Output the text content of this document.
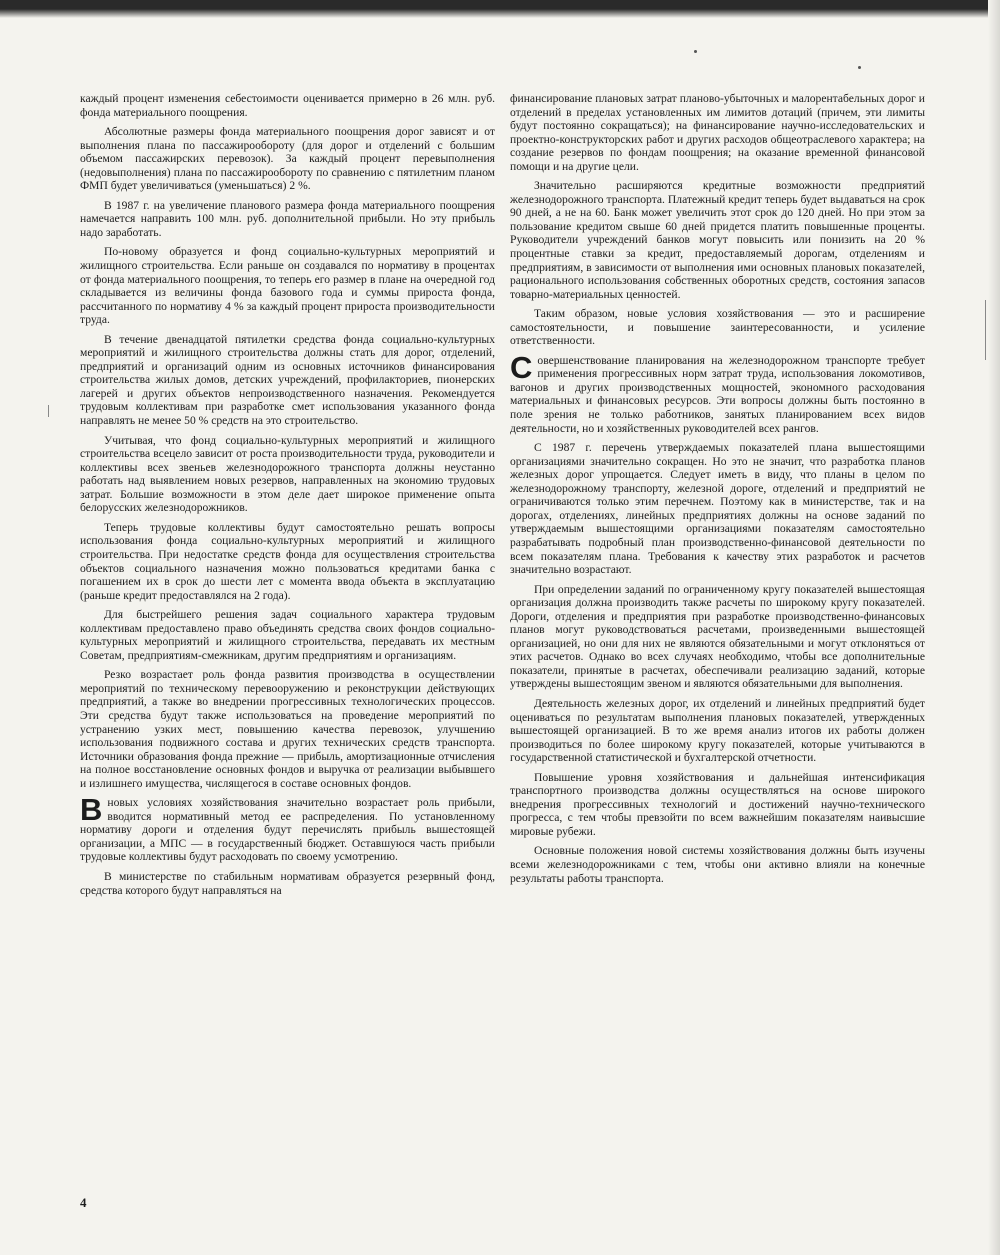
каждый процент изменения себестоимости оценивается примерно в 26 млн. руб. фонда материального поощрения.

Абсолютные размеры фонда материального поощрения дорог зависят и от выполнения плана по пассажирообороту (для дорог и отделений с большим объемом пассажирских перевозок). За каждый процент перевыполнения (недовыполнения) плана по пассажирообороту по сравнению с пятилетним планом ФМП будет увеличиваться (уменьшаться) 2 %.

В 1987 г. на увеличение планового размера фонда материального поощрения намечается направить 100 млн. руб. дополнительной прибыли. Но эту прибыль надо заработать.

По-новому образуется и фонд социально-культурных мероприятий и жилищного строительства. Если раньше он создавался по нормативу в процентах от фонда материального поощрения, то теперь его размер в плане на очередной год складывается из величины фонда базового года и суммы прироста фонда, рассчитанного по нормативу 4 % за каждый процент прироста производительности труда.

В течение двенадцатой пятилетки средства фонда социально-культурных мероприятий и жилищного строительства должны стать для дорог, отделений, предприятий и организаций одним из основных источников финансирования строительства жилых домов, детских учреждений, профилакториев, пионерских лагерей и других объектов непроизводственного назначения. Рекомендуется трудовым коллективам при разработке смет использования указанного фонда направлять не менее 50 % средств на это строительство.

Учитывая, что фонд социально-культурных мероприятий и жилищного строительства всецело зависит от роста производительности труда, руководители и коллективы всех звеньев железнодорожного транспорта должны неустанно работать над выявлением новых резервов, направленных на экономию трудовых затрат. Большие возможности в этом деле дает широкое применение опыта белорусских железнодорожников.

Теперь трудовые коллективы будут самостоятельно решать вопросы использования фонда социально-культурных мероприятий и жилищного строительства. При недостатке средств фонда для осуществления строительства объектов социального назначения можно пользоваться кредитами банка с погашением их в срок до шести лет с момента ввода объекта в эксплуатацию (раньше кредит предоставлялся на 2 года).

Для быстрейшего решения задач социального характера трудовым коллективам предоставлено право объединять средства своих фондов социально-культурных мероприятий и жилищного строительства, передавать их местным Советам, предприятиям-смежникам, другим предприятиям и организациям.

Резко возрастает роль фонда развития производства в осуществлении мероприятий по техническому перевооружению и реконструкции действующих предприятий, а также во внедрении прогрессивных технологических процессов. Эти средства будут также использоваться на проведение мероприятий по устранению узких мест, повышению качества перевозок, улучшению использования подвижного состава и других технических средств транспорта. Источники образования фонда прежние — прибыль, амортизационные отчисления на полное восстановление основных фондов и выручка от реализации выбывшего и излишнего имущества, числящегося в составе основных фондов.

В новых условиях хозяйствования значительно возрастает роль прибыли, вводится нормативный метод ее распределения. По установленному нормативу дороги и отделения будут перечислять прибыль вышестоящей организации, а МПС — в государственный бюджет. Оставшуюся часть прибыли трудовые коллективы будут расходовать по своему усмотрению.

В министерстве по стабильным нормативам образуется резервный фонд, средства которого будут направляться на

финансирование плановых затрат планово-убыточных и малорентабельных дорог и отделений в пределах установленных им лимитов дотаций (причем, эти лимиты будут постоянно сокращаться); на финансирование научно-исследовательских и проектно-конструкторских работ и других расходов общеотраслевого характера; на создание резервов по фондам поощрения; на оказание временной финансовой помощи и на другие цели.

Значительно расширяются кредитные возможности предприятий железнодорожного транспорта. Платежный кредит теперь будет выдаваться на срок 90 дней, а не на 60. Банк может увеличить этот срок до 120 дней. Но при этом за пользование кредитом свыше 60 дней придется платить повышенные проценты. Руководители учреждений банков могут повысить или понизить на 20 % процентные ставки за кредит, предоставляемый дорогам, отделениям и предприятиям, в зависимости от выполнения ими основных плановых показателей, рационального использования собственных оборотных средств, состояния запасов товарно-материальных ценностей.

Таким образом, новые условия хозяйствования — это и расширение самостоятельности, и повышение заинтересованности, и усиление ответственности.

Совершенствование планирования на железнодорожном транспорте требует применения прогрессивных норм затрат труда, использования локомотивов, вагонов и других производственных мощностей, экономного расходования материальных и финансовых ресурсов. Эти вопросы должны быть постоянно в поле зрения не только работников, занятых планированием всех видов деятельности, но и хозяйственных руководителей всех рангов.

С 1987 г. перечень утверждаемых показателей плана вышестоящими организациями значительно сокращен. Но это не значит, что разработка планов железных дорог упрощается. Следует иметь в виду, что планы в целом по железнодорожному транспорту, железной дороге, отделений и предприятий не ограничиваются только этим перечнем. Поэтому как в министерстве, так и на дорогах, отделениях, линейных предприятиях должны на основе заданий по утверждаемым вышестоящими организациями показателям самостоятельно разрабатывать подробный план производственно-финансовой деятельности по всем показателям плана. Требования к качеству этих разработок и расчетов значительно возрастают.

При определении заданий по ограниченному кругу показателей вышестоящая организация должна производить также расчеты по широкому кругу показателей. Дороги, отделения и предприятия при разработке производственно-финансовых планов могут руководствоваться расчетами, произведенными вышестоящей организацией, но они для них не являются обязательными и могут отклоняться от этих расчетов. Однако во всех случаях необходимо, чтобы все дополнительные показатели, принятые в расчетах, обеспечивали реализацию заданий, которые утверждены вышестоящим звеном и являются обязательными для выполнения.

Деятельность железных дорог, их отделений и линейных предприятий будет оцениваться по результатам выполнения плановых показателей, утвержденных вышестоящей организацией. В то же время анализ итогов их работы должен производиться по более широкому кругу показателей, которые учитываются в государственной статистической и бухгалтерской отчетности.

Повышение уровня хозяйствования и дальнейшая интенсификация транспортного производства должны осуществляться на основе широкого внедрения прогрессивных технологий и достижений научно-технического прогресса, с тем чтобы превзойти по всем важнейшим показателям наивысшие мировые рубежи.

Основные положения новой системы хозяйствования должны быть изучены всеми железнодорожниками с тем, чтобы они активно влияли на конечные результаты работы транспорта.

4
